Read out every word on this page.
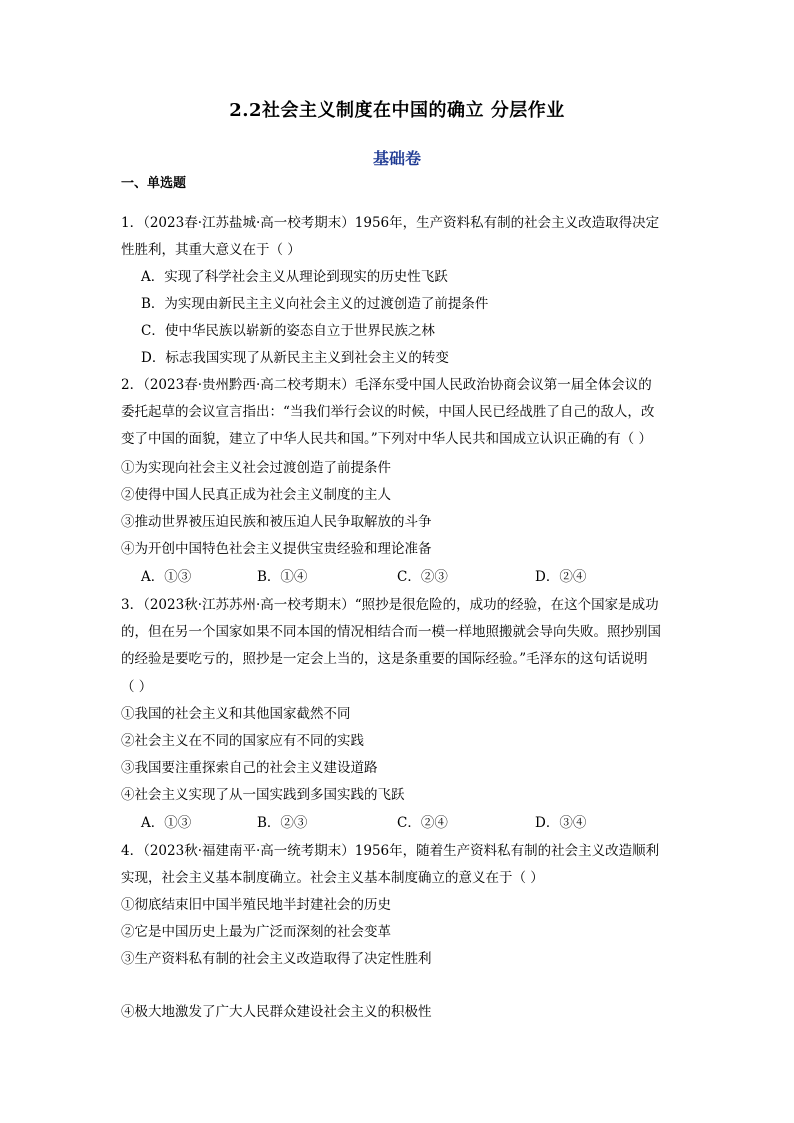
2.2社会主义制度在中国的确立 分层作业
基础卷
一、单选题
1．（2023春·江苏盐城·高一校考期末）1956年，生产资料私有制的社会主义改造取得决定
性胜利，其重大意义在于（ ）
A．实现了科学社会主义从理论到现实的历史性飞跃
B．为实现由新民主主义向社会主义的过渡创造了前提条件
C．使中华民族以崭新的姿态自立于世界民族之林
D．标志我国实现了从新民主主义到社会主义的转变
2．（2023春·贵州黔西·高二校考期末）毛泽东受中国人民政治协商会议第一届全体会议的
委托起草的会议宣言指出：“当我们举行会议的时候，中国人民已经战胜了自己的敌人，改
变了中国的面貌，建立了中华人民共和国。”下列对中华人民共和国成立认识正确的有（ ）
①为实现向社会主义社会过渡创造了前提条件
②使得中国人民真正成为社会主义制度的主人
③推动世界被压迫民族和被压迫人民争取解放的斗争
④为开创中国特色社会主义提供宝贵经验和理论准备
A．①③	B．①④	C．②③	D．②④
3．（2023秋·江苏苏州·高一校考期末）“照抄是很危险的，成功的经验，在这个国家是成功
的，但在另一个国家如果不同本国的情况相结合而一模一样地照搬就会导向失败。照抄别国
的经验是要吃亏的，照抄是一定会上当的，这是条重要的国际经验。”毛泽东的这句话说明
（ ）
①我国的社会主义和其他国家截然不同
②社会主义在不同的国家应有不同的实践
③我国要注重探索自己的社会主义建设道路
④社会主义实现了从一国实践到多国实践的飞跃
A．①③	B．②③	C．②④	D．③④
4．（2023秋·福建南平·高一统考期末）1956年，随着生产资料私有制的社会主义改造顺利
实现，社会主义基本制度确立。社会主义基本制度确立的意义在于（ ）
①彻底结束旧中国半殖民地半封建社会的历史
②它是中国历史上最为广泛而深刻的社会变革
③生产资料私有制的社会主义改造取得了决定性胜利
④极大地激发了广大人民群众建设社会主义的积极性
